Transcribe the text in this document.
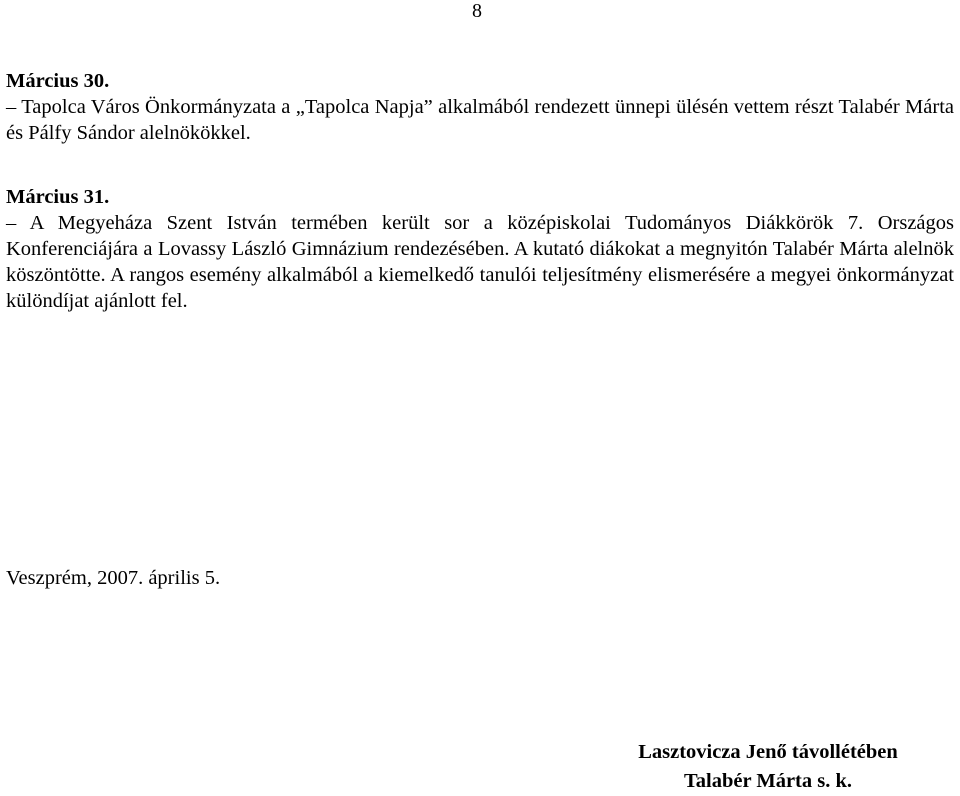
8
Március 30.

– Tapolca Város Önkormányzata a „Tapolca Napja” alkalmából rendezett ünnepi ülésén vettem részt Talabér Márta és Pálfy Sándor alelnökökkel.

Március 31.

– A Megyeháza Szent István termében került sor a középiskolai Tudományos Diákkörök 7. Országos Konferenciájára a Lovassy László Gimnázium rendezésében. A kutató diákokat a megnyitón Talabér Márta alelnök köszöntötte. A rangos esemény alkalmából a kiemelkedő tanulói teljesítmény elismerésére a megyei önkormányzat különdíjat ajánlott fel.

Veszprém, 2007. április 5.
Lasztovicza Jenő távollétében
Talabér Márta s. k.
